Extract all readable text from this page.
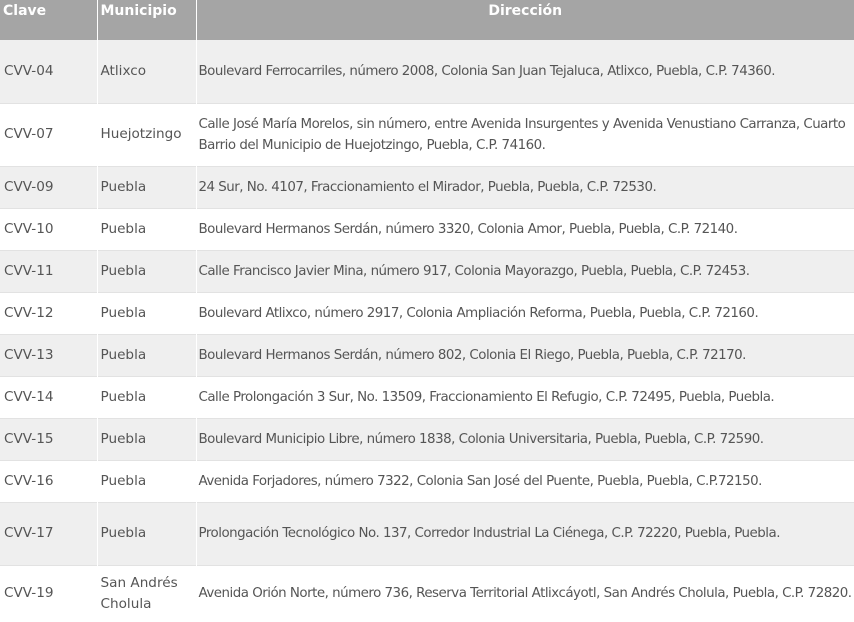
Clave	Municipio	Dirección
CVV-04	Atlixco	Boulevard Ferrocarriles, número 2008, Colonia San Juan Tejaluca, Atlixco, Puebla, C.P. 74360.
CVV-07	Huejotzingo	Calle José María Morelos, sin número, entre Avenida Insurgentes y Avenida Venustiano Carranza, Cuarto Barrio del Municipio de Huejotzingo, Puebla, C.P. 74160.
CVV-09	Puebla	24 Sur, No. 4107, Fraccionamiento el Mirador, Puebla, Puebla, C.P. 72530.
CVV-10	Puebla	Boulevard Hermanos Serdán, número 3320, Colonia Amor, Puebla, Puebla, C.P. 72140.
CVV-11	Puebla	Calle Francisco Javier Mina, número 917, Colonia Mayorazgo, Puebla, Puebla, C.P. 72453.
CVV-12	Puebla	Boulevard Atlixco, número 2917, Colonia Ampliación Reforma, Puebla, Puebla, C.P. 72160.
CVV-13	Puebla	Boulevard Hermanos Serdán, número 802, Colonia El Riego, Puebla, Puebla, C.P. 72170.
CVV-14	Puebla	Calle Prolongación 3 Sur, No. 13509, Fraccionamiento El Refugio, C.P. 72495, Puebla, Puebla.
CVV-15	Puebla	Boulevard Municipio Libre, número 1838, Colonia Universitaria, Puebla, Puebla, C.P. 72590.
CVV-16	Puebla	Avenida Forjadores, número 7322, Colonia San José del Puente, Puebla, Puebla, C.P.72150.
CVV-17	Puebla	Prolongación Tecnológico No. 137, Corredor Industrial La Ciénega, C.P. 72220, Puebla, Puebla.
CVV-19	San Andrés Cholula	Avenida Orión Norte, número 736, Reserva Territorial Atlixcáyotl, San Andrés Cholula, Puebla, C.P. 72820.
